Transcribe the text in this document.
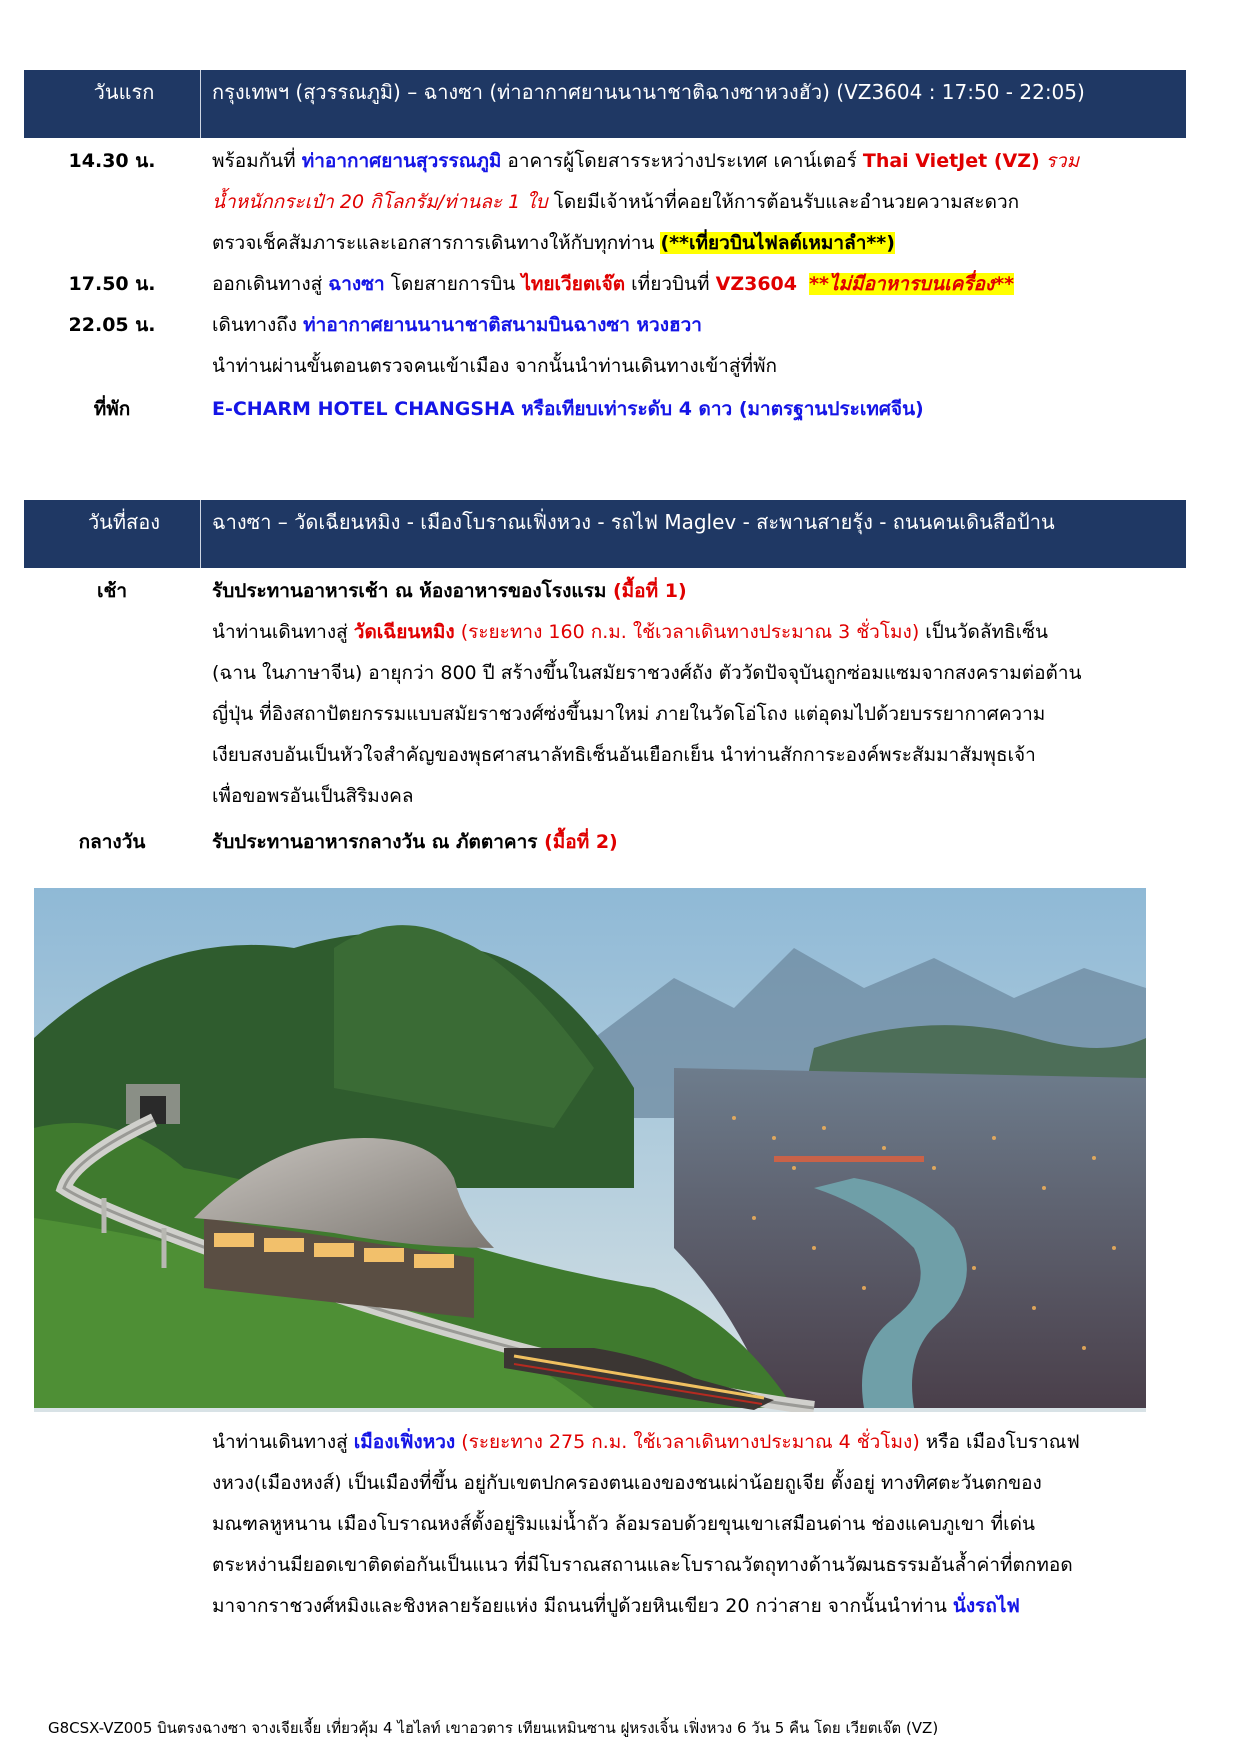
วันแรก	กรุงเทพฯ (สุวรรณภูมิ) – ฉางซา (ท่าอากาศยานนานาชาติฉางซาหวงฮัว) (VZ3604 : 17:50 - 22:05)
14.30 น.	พร้อมกันที่ ท่าอากาศยานสุวรรณภูมิ อาคารผู้โดยสารระหว่างประเทศ เคาน์เตอร์ Thai VietJet (VZ) รวม
น้ำหนักกระเป๋า 20 กิโลกรัม/ท่านละ 1 ใบ โดยมีเจ้าหน้าที่คอยให้การต้อนรับและอำนวยความสะดวก
ตรวจเช็คสัมภาระและเอกสารการเดินทางให้กับทุกท่าน (**เที่ยวบินไฟลต์เหมาลำ**)
17.50 น.	ออกเดินทางสู่ ฉางซา โดยสายการบิน ไทยเวียตเจ๊ต เที่ยวบินที่ VZ3604 **ไม่มีอาหารบนเครื่อง**
22.05 น.	เดินทางถึง ท่าอากาศยานนานาชาติสนามบินฉางซา หวงฮวา
นำท่านผ่านขั้นตอนตรวจคนเข้าเมือง จากนั้นนำท่านเดินทางเข้าสู่ที่พัก
ที่พัก	E-CHARM HOTEL CHANGSHA หรือเทียบเท่าระดับ 4 ดาว (มาตรฐานประเทศจีน)
วันที่สอง	ฉางซา – วัดเฉียนหมิง - เมืองโบราณเฟิ่งหวง - รถไฟ Maglev - สะพานสายรุ้ง - ถนนคนเดินสือป้าน
เช้า	รับประทานอาหารเช้า ณ ห้องอาหารของโรงแรม (มื้อที่ 1)
นำท่านเดินทางสู่ วัดเฉียนหมิง (ระยะทาง 160 ก.ม. ใช้เวลาเดินทางประมาณ 3 ชั่วโมง) เป็นวัดลัทธิเซ็น
(ฉาน ในภาษาจีน) อายุกว่า 800 ปี สร้างขึ้นในสมัยราชวงศ์ถัง ตัววัดปัจจุบันถูกซ่อมแซมจากสงครามต่อต้าน
ญี่ปุ่น ที่อิงสถาปัตยกรรมแบบสมัยราชวงศ์ซ่งขึ้นมาใหม่ ภายในวัดโอ่โถง แต่อุดมไปด้วยบรรยากาศความ
เงียบสงบอันเป็นหัวใจสำคัญของพุธศาสนาลัทธิเซ็นอันเยือกเย็น นำท่านสักการะองค์พระสัมมาสัมพุธเจ้า
เพื่อขอพรอันเป็นสิริมงคล
กลางวัน	รับประทานอาหารกลางวัน ณ ภัตตาคาร (มื้อที่ 2)
นำท่านเดินทางสู่ เมืองเฟิ่งหวง (ระยะทาง 275 ก.ม. ใช้เวลาเดินทางประมาณ 4 ชั่วโมง) หรือ เมืองโบราณฟ
งหวง(เมืองหงส์) เป็นเมืองที่ขึ้น อยู่กับเขตปกครองตนเองของชนเผ่าน้อยถูเจีย ตั้งอยู่ ทางทิศตะวันตกของ
มณฑลหูหนาน เมืองโบราณหงส์ตั้งอยู่ริมแม่น้ำถัว ล้อมรอบด้วยขุนเขาเสมือนด่าน ช่องแคบภูเขา ที่เด่น
ตระหง่านมียอดเขาติดต่อกันเป็นแนว ที่มีโบราณสถานและโบราณวัตถุทางด้านวัฒนธรรมอันล้ำค่าที่ตกทอด
มาจากราชวงศ์หมิงและชิงหลายร้อยแห่ง มีถนนที่ปูด้วยหินเขียว 20 กว่าสาย จากนั้นนำท่าน นั่งรถไฟ
G8CSX-VZ005 บินตรงฉางซา จางเจียเจี้ย เที่ยวคุ้ม 4 ไฮไลท์ เขาอวตาร เทียนเหมินซาน ฝูหรงเจิ้น เฟิ่งหวง 6 วัน 5 คืน โดย เวียตเจ๊ต (VZ)
